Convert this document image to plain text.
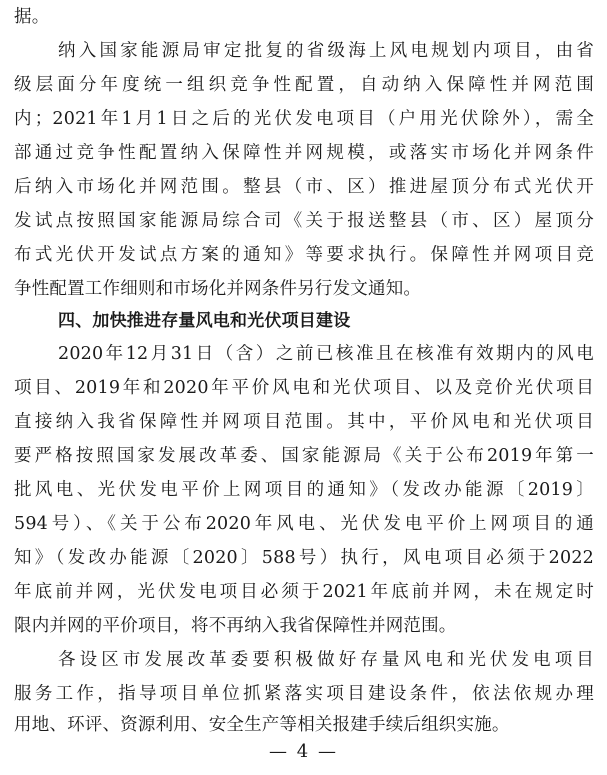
据。
纳入国家能源局审定批复的省级海上风电规划内项目，由省
级层面分年度统一组织竞争性配置，自动纳入保障性并网范围
内；2021年1月1日之后的光伏发电项目（户用光伏除外），需全
部通过竞争性配置纳入保障性并网规模，或落实市场化并网条件
后纳入市场化并网范围。整县（市、区）推进屋顶分布式光伏开
发试点按照国家能源局综合司《关于报送整县（市、区）屋顶分
布式光伏开发试点方案的通知》等要求执行。保障性并网项目竞
争性配置工作细则和市场化并网条件另行发文通知。
四、加快推进存量风电和光伏项目建设
2020年12月31日（含）之前已核准且在核准有效期内的风电
项目、2019年和2020年平价风电和光伏项目、以及竞价光伏项目
直接纳入我省保障性并网项目范围。其中，平价风电和光伏项目
要严格按照国家发展改革委、国家能源局《关于公布2019年第一
批风电、光伏发电平价上网项目的通知》（发改办能源〔2019〕
594号）、《关于公布2020年风电、光伏发电平价上网项目的通
知》（发改办能源〔2020〕588号）执行，风电项目必须于2022
年底前并网，光伏发电项目必须于2021年底前并网，未在规定时
限内并网的平价项目，将不再纳入我省保障性并网范围。
各设区市发展改革委要积极做好存量风电和光伏发电项目
服务工作，指导项目单位抓紧落实项目建设条件，依法依规办理
用地、环评、资源利用、安全生产等相关报建手续后组织实施。
— 4 —
